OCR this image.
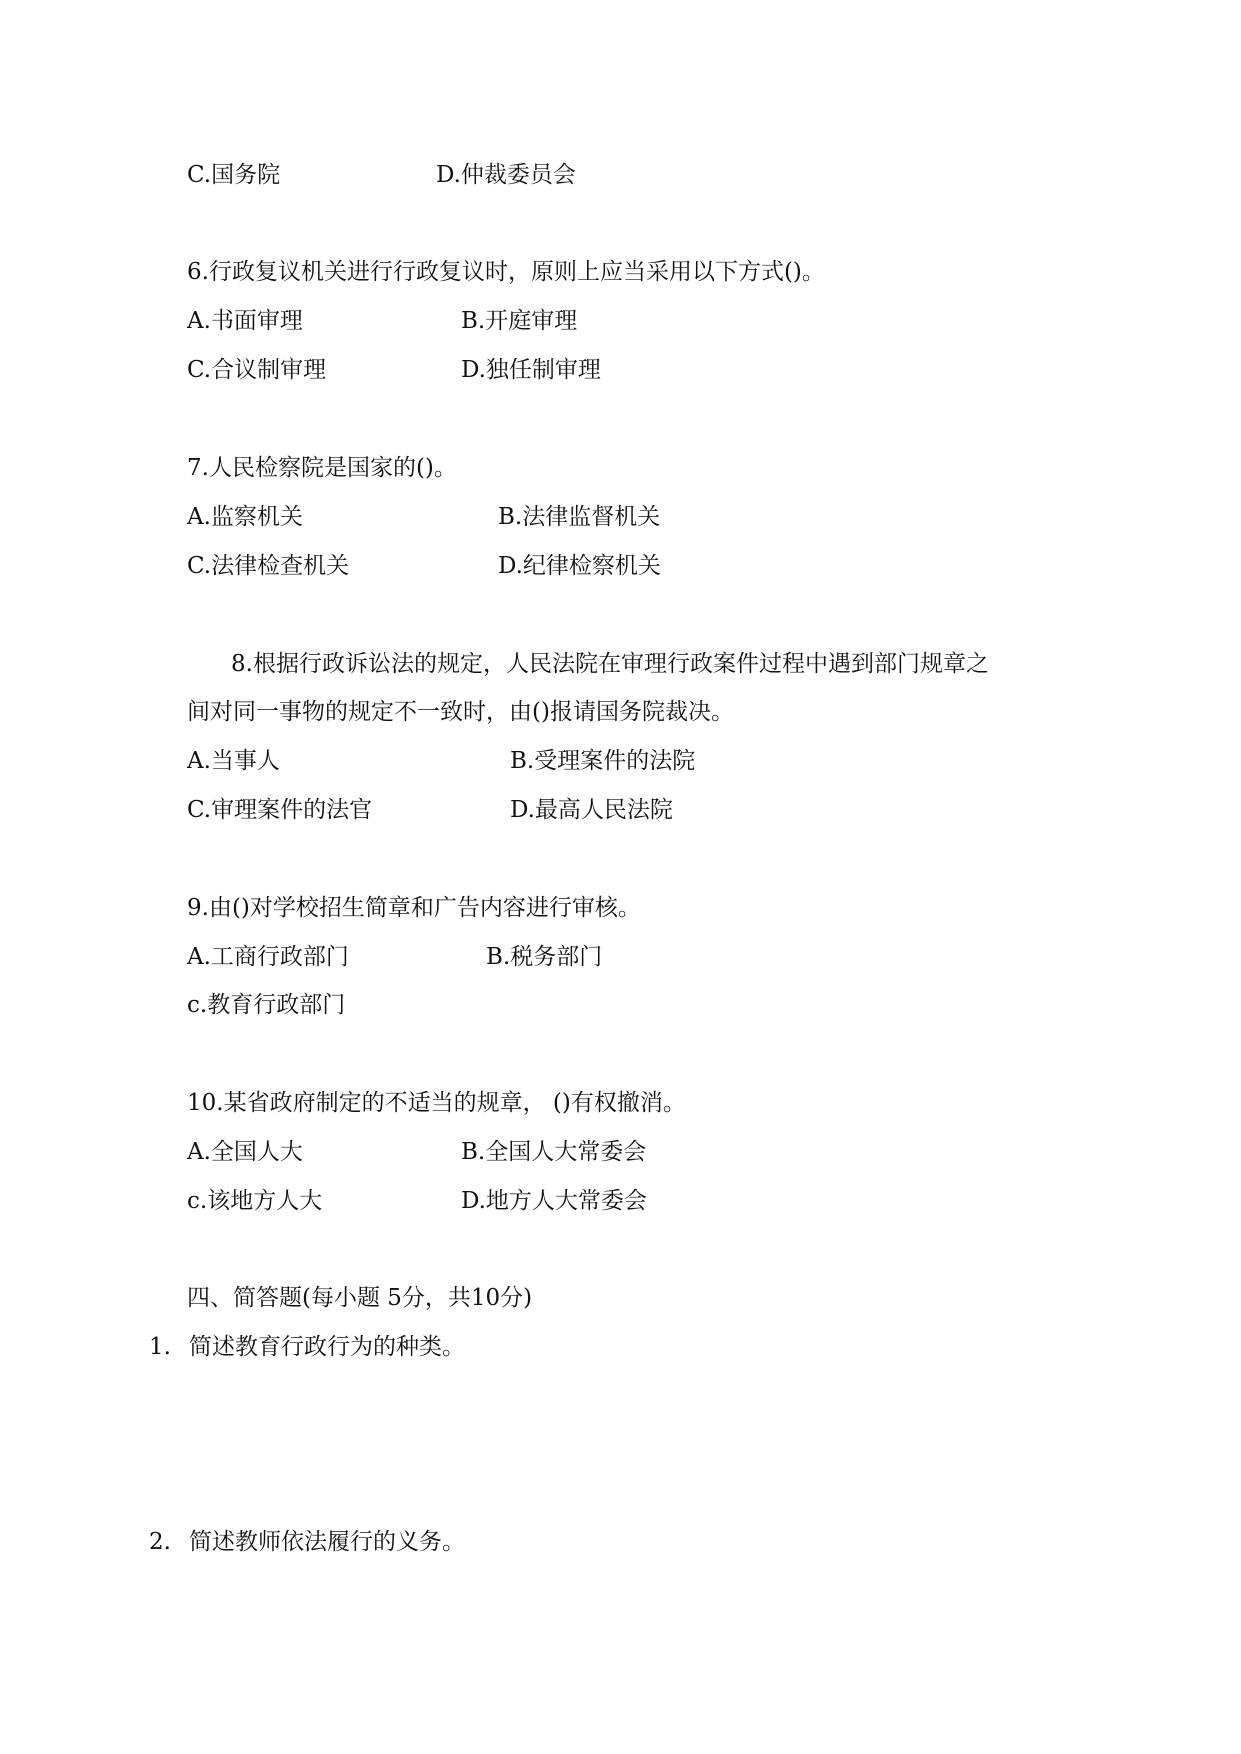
C.国务院	D.仲裁委员会
6.行政复议机关进行行政复议时，原则上应当采用以下方式()。
A.书面审理	B.开庭审理
C.合议制审理	D.独任制审理
7.人民检察院是国家的()。
A.监察机关	B.法律监督机关
C.法律检查机关	D.纪律检察机关
8.根据行政诉讼法的规定，人民法院在审理行政案件过程中遇到部门规章之
间对同一事物的规定不一致时，由()报请国务院裁决。
A.当事人	B.受理案件的法院
C.审理案件的法官	D.最高人民法院
9.由()对学校招生简章和广告内容进行审核。
A.工商行政部门	B.税务部门
c.教育行政部门
10.某省政府制定的不适当的规章， ()有权撤消。
A.全国人大	B.全国人大常委会
c.该地方人大	D.地方人大常委会
四、简答题(每小题 5分，共10分)
1. 简述教育行政行为的种类。
2. 简述教师依法履行的义务。
